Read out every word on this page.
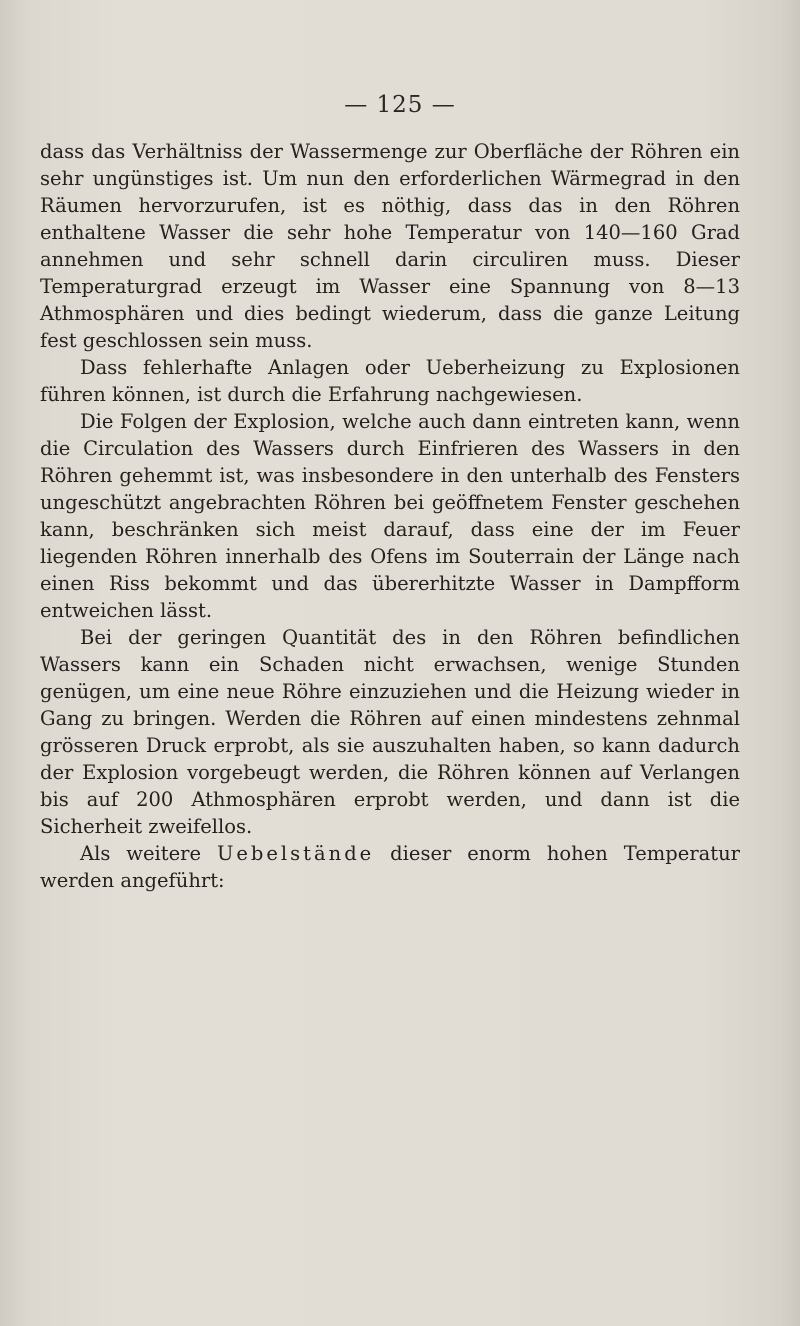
— 125 —

dass das Verhältniss der Wassermenge zur Oberfläche der Röhren ein sehr ungünstiges ist. Um nun den erforderlichen Wärmegrad in den Räumen hervorzurufen, ist es nöthig, dass das in den Röhren enthaltene Wasser die sehr hohe Temperatur von 140—160 Grad annehmen und sehr schnell darin circuliren muss. Dieser Temperaturgrad erzeugt im Wasser eine Spannung von 8—13 Athmosphären und dies bedingt wiederum, dass die ganze Leitung fest geschlossen sein muss.

Dass fehlerhafte Anlagen oder Ueberheizung zu Explosionen führen können, ist durch die Erfahrung nachgewiesen.

Die Folgen der Explosion, welche auch dann eintreten kann, wenn die Circulation des Wassers durch Einfrieren des Wassers in den Röhren gehemmt ist, was insbesondere in den unterhalb des Fensters ungeschützt angebrachten Röhren bei geöffnetem Fenster geschehen kann, beschränken sich meist darauf, dass eine der im Feuer liegenden Röhren innerhalb des Ofens im Souterrain der Länge nach einen Riss bekommt und das übererhitzte Wasser in Dampfform entweichen lässt.

Bei der geringen Quantität des in den Röhren befindlichen Wassers kann ein Schaden nicht erwachsen, wenige Stunden genügen, um eine neue Röhre einzuziehen und die Heizung wieder in Gang zu bringen. Werden die Röhren auf einen mindestens zehnmal grösseren Druck erprobt, als sie auszuhalten haben, so kann dadurch der Explosion vorgebeugt werden, die Röhren können auf Verlangen bis auf 200 Athmosphären erprobt werden, und dann ist die Sicherheit zweifellos.

Als weitere Uebelstände dieser enorm hohen Temperatur werden angeführt:
